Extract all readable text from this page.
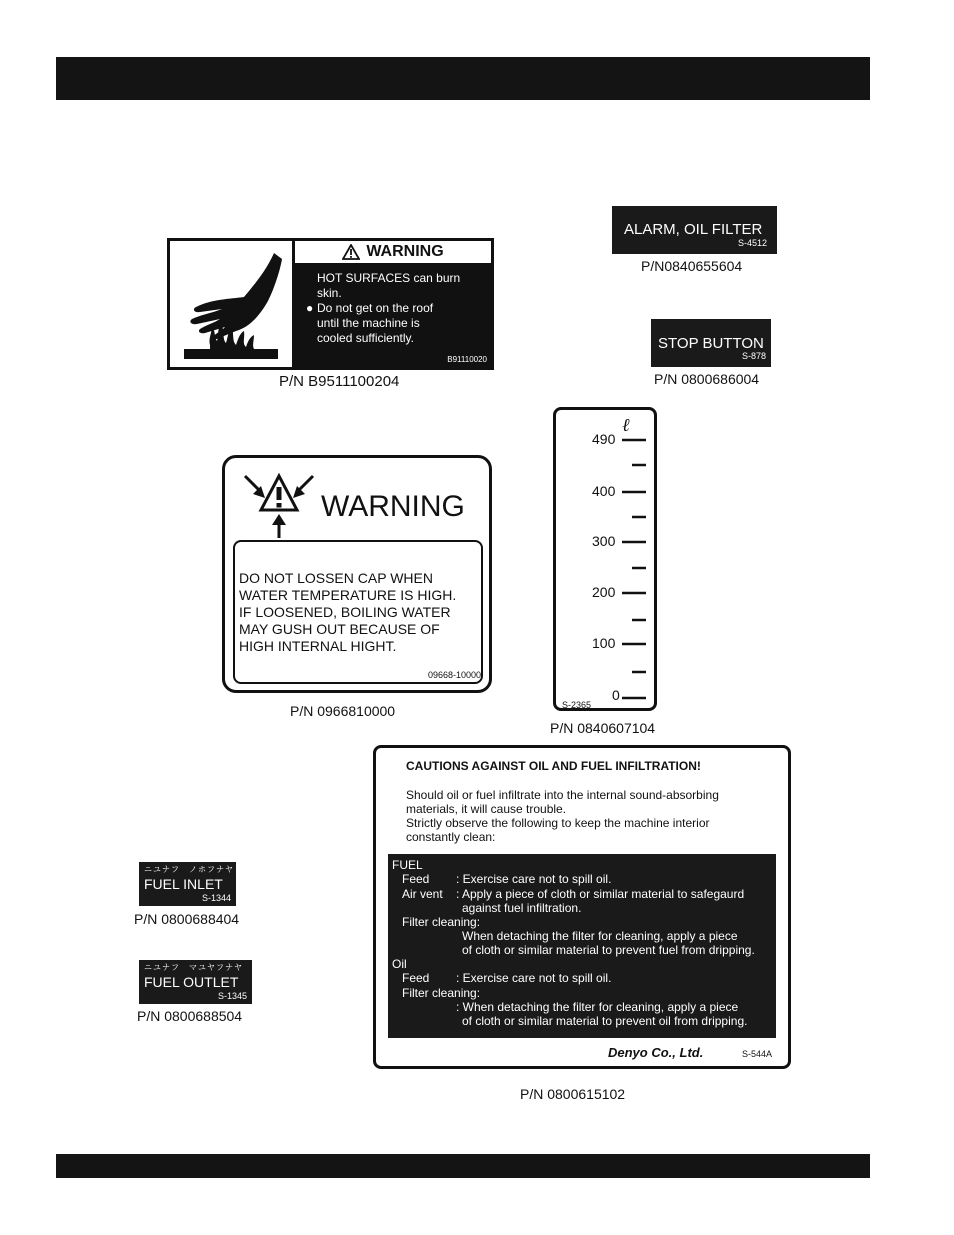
WARNING
HOT SURFACES can burn
skin.
● Do not get on the roof
until the machine is
cooled sufficiently.
B91110020
P/N B9511100204
ALARM, OIL FILTER
S-4512
P/N0840655604
STOP BUTTON
S-878
P/N 0800686004
WARNING
DO NOT LOSSEN CAP WHEN
WATER TEMPERATURE IS HIGH.
IF LOOSENED, BOILING WATER
MAY GUSH OUT BECAUSE OF
HIGH INTERNAL HIGHT.
09668-10000
P/N 0966810000
ℓ
490
400
300
200
100
0
S-2365
P/N 0840607104
CAUTIONS AGAINST OIL AND FUEL INFILTRATION!
Should oil or fuel infiltrate into the internal sound-absorbing
materials, it will cause trouble.
Strictly observe the following to keep the machine interior
constantly clean:
FUEL
Feed : Exercise care not to spill oil.
Air vent : Apply a piece of cloth or similar material to safegaurd
against fuel infiltration.
Filter cleaning:
When detaching the filter for cleaning, apply a piece
of cloth or similar material to prevent fuel from dripping.
Oil
Feed : Exercise care not to spill oil.
Filter cleaning:
: When detaching the filter for cleaning, apply a piece
of cloth or similar material to prevent oil from dripping.
Denyo Co., Ltd.	S-544A
P/N 0800615102
ニユナフ　ノホフナヤ
FUEL INLET
S-1344
P/N 0800688404
ニユナフ　マユヤフナヤ
FUEL OUTLET
S-1345
P/N 0800688504
